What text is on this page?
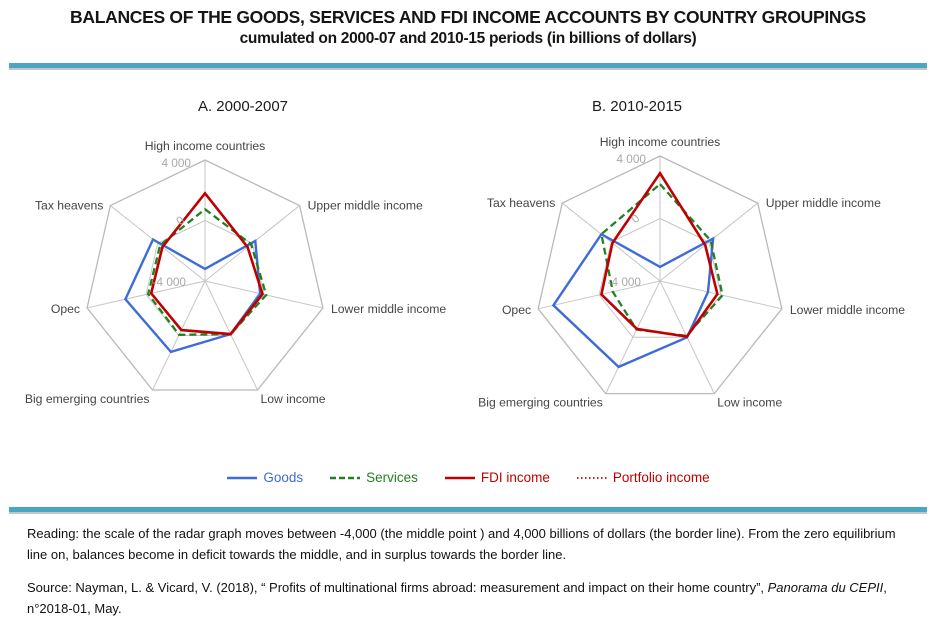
BALANCES OF THE GOODS, SERVICES AND FDI INCOME ACCOUNTS BY COUNTRY GROUPINGS
cumulated on 2000-07 and 2010-15 periods (in billions of dollars)
A. 2000-2007	B. 2010-2015
High income countries
Upper middle income
Lower middle income
Low income
Big emerging countries
Opec
Tax heavens
4 000
0
-4 000
High income countries
Upper middle income
Lower middle income
Low income
Big emerging countries
Opec
Tax heavens
4 000
0
-4 000
Goods	Services	FDI income	Portfolio income
Reading: the scale of the radar graph moves between -4,000 (the middle point ) and 4,000 billions of dollars (the border line). From the zero equilibrium line on, balances become in deficit towards the middle, and in surplus towards the border line.
Source: Nayman, L. & Vicard, V. (2018), “ Profits of multinational firms abroad: measurement and impact on their home country”, Panorama du CEPII, n°2018-01, May.
